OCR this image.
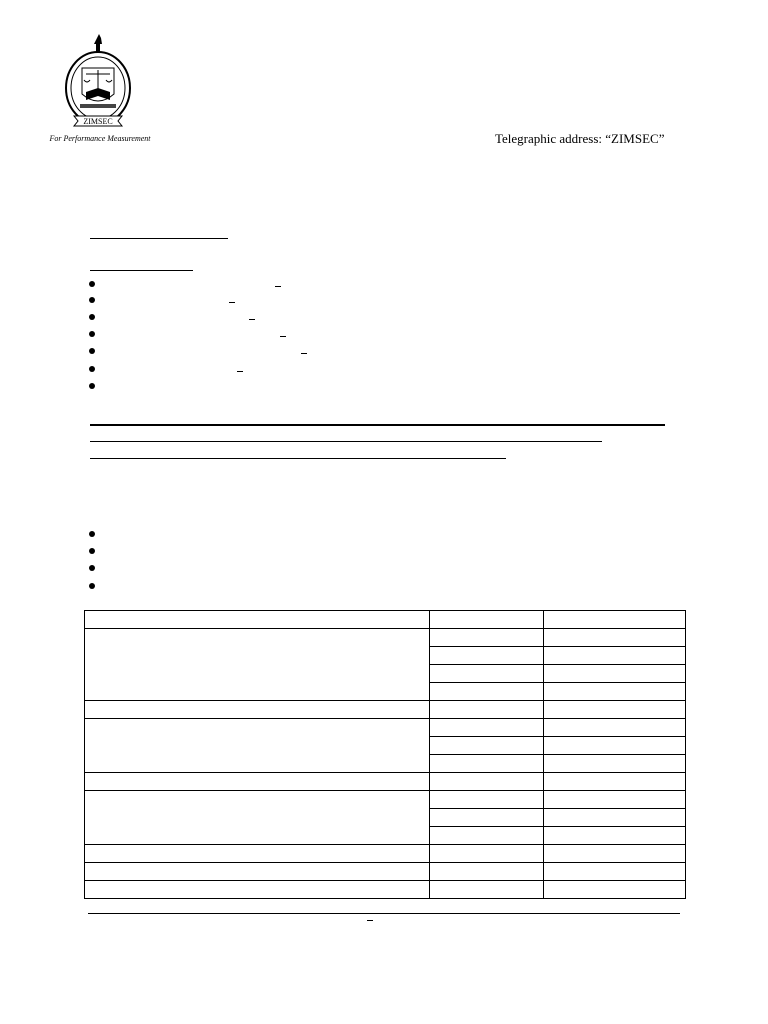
ZIMSEC
For Performance Measurement	Telegraphic address: “ZIMSEC”
